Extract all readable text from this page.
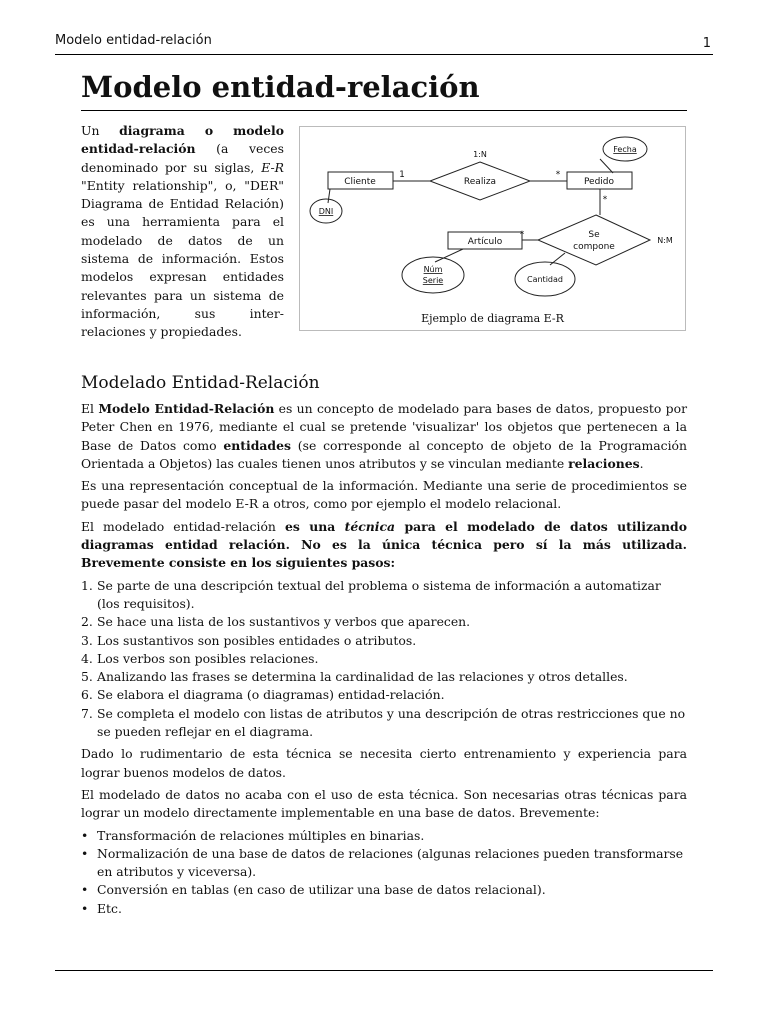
Modelo entidad-relación	1
Modelo entidad-relación
Un diagrama o modelo entidad-relación (a veces denominado por su siglas, E-R "Entity relationship", o, "DER" Diagrama de Entidad Relación) es una herramienta para el modelado de datos de un sistema de información. Estos modelos expresan entidades relevantes para un sistema de información, sus inter-relaciones y propiedades.
Cliente	Pedido
Artículo
Realiza
Se
compone
Fecha
DNI
Núm
Serie	Cantidad
1
1:N
*
*
*
N:M
Ejemplo de diagrama E-R
Modelado Entidad-Relación

El Modelo Entidad-Relación es un concepto de modelado para bases de datos, propuesto por Peter Chen en 1976, mediante el cual se pretende 'visualizar' los objetos que pertenecen a la Base de Datos como entidades (se corresponde al concepto de objeto de la Programación Orientada a Objetos) las cuales tienen unos atributos y se vinculan mediante relaciones.

Es una representación conceptual de la información. Mediante una serie de procedimientos se puede pasar del modelo E-R a otros, como por ejemplo el modelo relacional.

El modelado entidad-relación es una técnica para el modelado de datos utilizando diagramas entidad relación. No es la única técnica pero sí la más utilizada. Brevemente consiste en los siguientes pasos:

1. Se parte de una descripción textual del problema o sistema de información a automatizar (los requisitos).
2. Se hace una lista de los sustantivos y verbos que aparecen.
3. Los sustantivos son posibles entidades o atributos.
4. Los verbos son posibles relaciones.
5. Analizando las frases se determina la cardinalidad de las relaciones y otros detalles.
6. Se elabora el diagrama (o diagramas) entidad-relación.
7. Se completa el modelo con listas de atributos y una descripción de otras restricciones que no se pueden reflejar en el diagrama.

Dado lo rudimentario de esta técnica se necesita cierto entrenamiento y experiencia para lograr buenos modelos de datos.

El modelado de datos no acaba con el uso de esta técnica. Son necesarias otras técnicas para lograr un modelo directamente implementable en una base de datos. Brevemente:

• Transformación de relaciones múltiples en binarias.
• Normalización de una base de datos de relaciones (algunas relaciones pueden transformarse en atributos y viceversa).
• Conversión en tablas (en caso de utilizar una base de datos relacional).
• Etc.
